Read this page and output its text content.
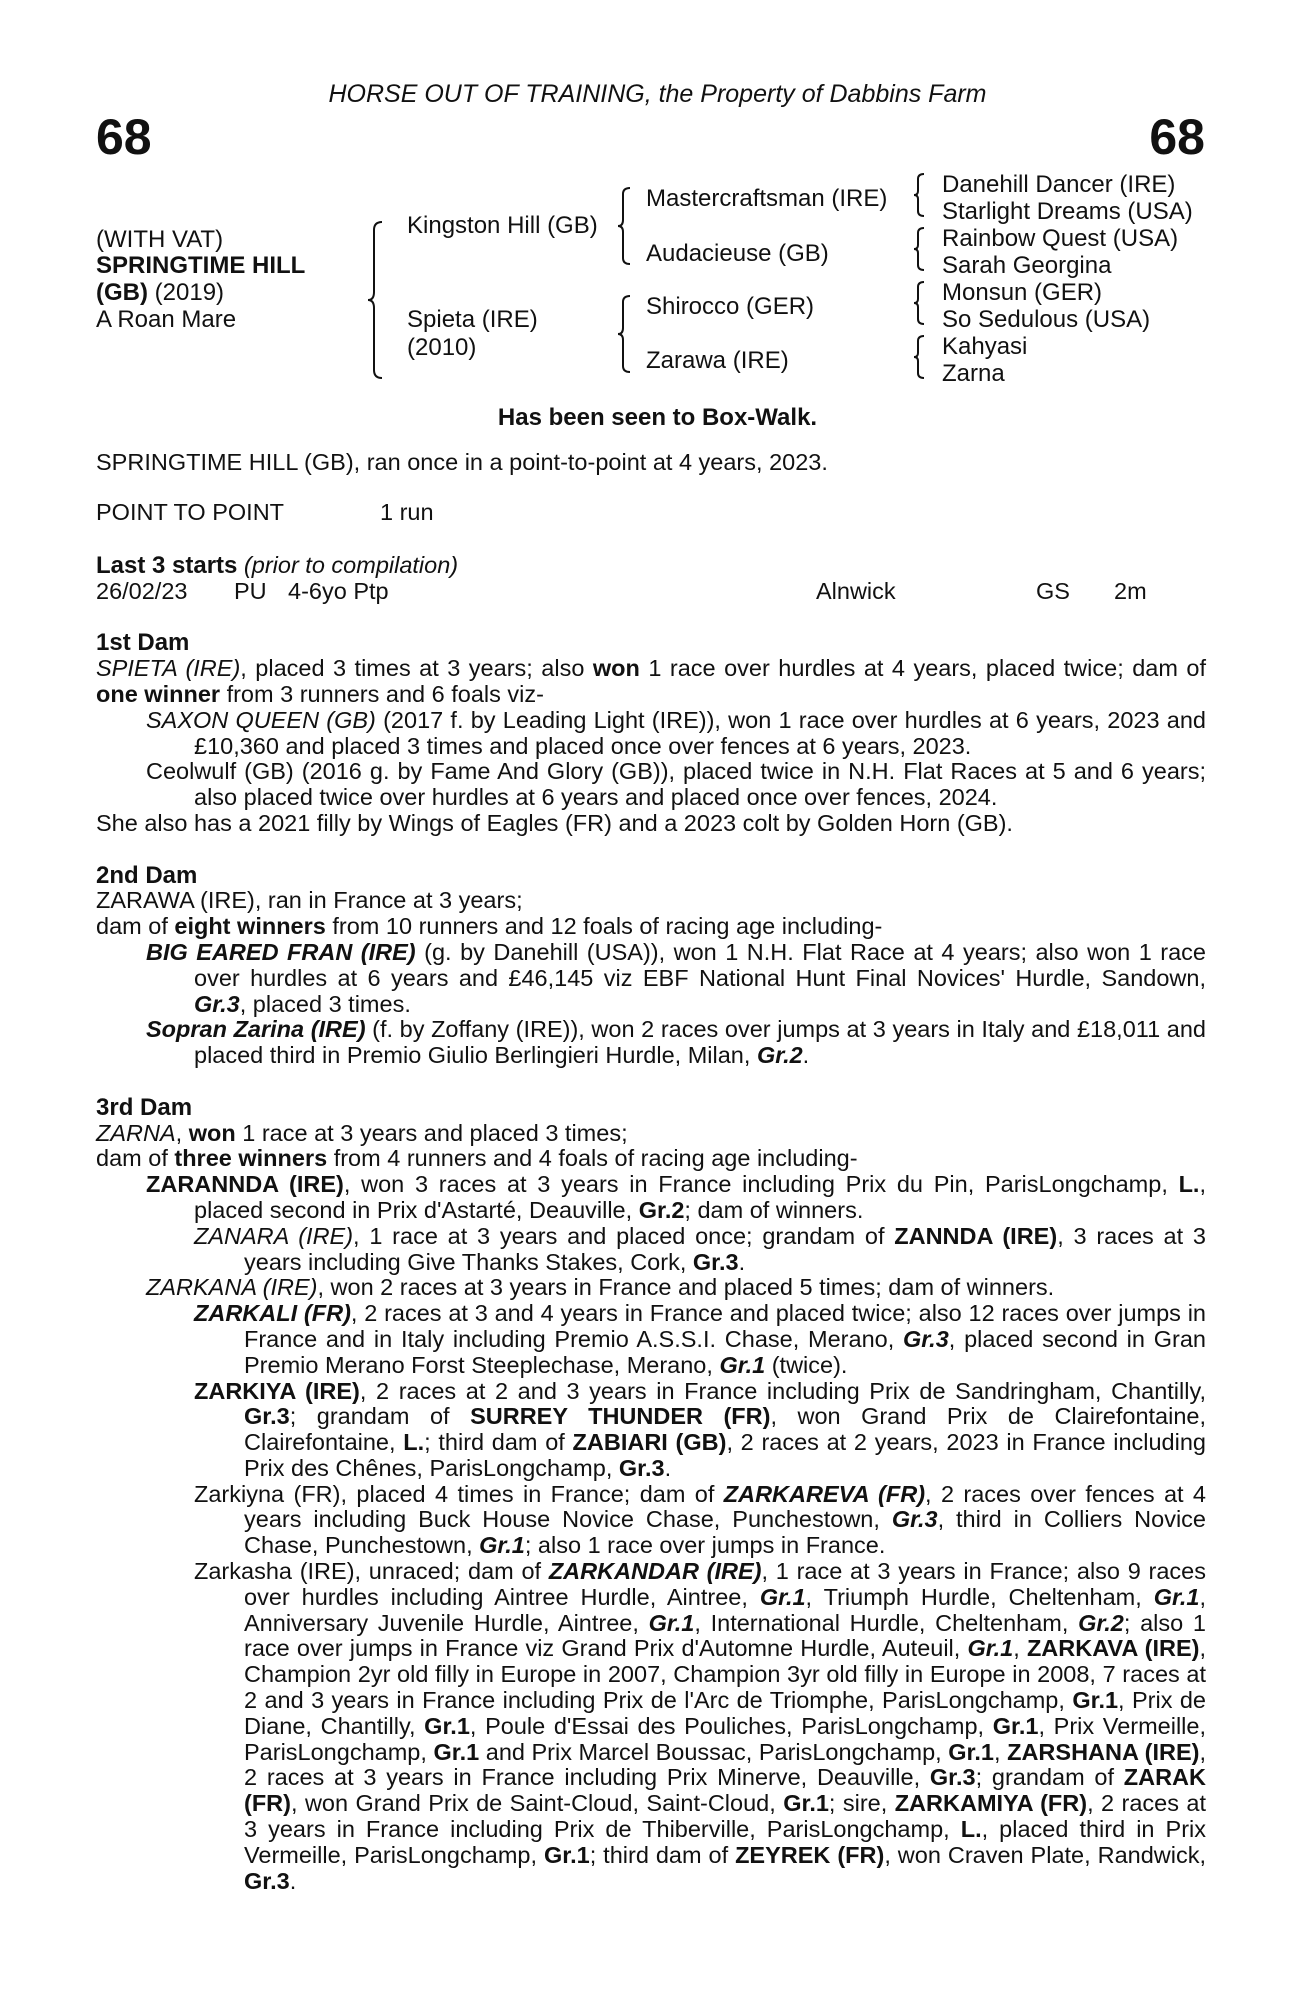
HORSE OUT OF TRAINING, the Property of Dabbins Farm
68	68
(WITH VAT)
SPRINGTIME HILL
(GB) (2019)
A Roan Mare
Kingston Hill (GB)
Spieta (IRE)
(2010)
Mastercraftsman (IRE)
Audacieuse (GB)
Shirocco (GER)
Zarawa (IRE)
Danehill Dancer (IRE)
Starlight Dreams (USA)
Rainbow Quest (USA)
Sarah Georgina
Monsun (GER)
So Sedulous (USA)
Kahyasi
Zarna
Has been seen to Box-Walk.

SPRINGTIME HILL (GB), ran once in a point-to-point at 4 years, 2023.

POINT TO POINT	1 run

Last 3 starts (prior to compilation)

26/02/23 PU 4-6yo Ptp	Alnwick	GS 2m

1st Dam

SPIETA (IRE), placed 3 times at 3 years; also won 1 race over hurdles at 4 years, placed twice; dam of one winner from 3 runners and 6 foals viz-

SAXON QUEEN (GB) (2017 f. by Leading Light (IRE)), won 1 race over hurdles at 6 years, 2023 and £10,360 and placed 3 times and placed once over fences at 6 years, 2023.

Ceolwulf (GB) (2016 g. by Fame And Glory (GB)), placed twice in N.H. Flat Races at 5 and 6 years; also placed twice over hurdles at 6 years and placed once over fences, 2024.

She also has a 2021 filly by Wings of Eagles (FR) and a 2023 colt by Golden Horn (GB).

2nd Dam

ZARAWA (IRE), ran in France at 3 years;

dam of eight winners from 10 runners and 12 foals of racing age including-

BIG EARED FRAN (IRE) (g. by Danehill (USA)), won 1 N.H. Flat Race at 4 years; also won 1 race over hurdles at 6 years and £46,145 viz EBF National Hunt Final Novices' Hurdle, Sandown, Gr.3, placed 3 times.

Sopran Zarina (IRE) (f. by Zoffany (IRE)), won 2 races over jumps at 3 years in Italy and £18,011 and placed third in Premio Giulio Berlingieri Hurdle, Milan, Gr.2.

3rd Dam

ZARNA, won 1 race at 3 years and placed 3 times;

dam of three winners from 4 runners and 4 foals of racing age including-

ZARANNDA (IRE), won 3 races at 3 years in France including Prix du Pin, ParisLongchamp, L., placed second in Prix d'Astarté, Deauville, Gr.2; dam of winners.

ZANARA (IRE), 1 race at 3 years and placed once; grandam of ZANNDA (IRE), 3 races at 3 years including Give Thanks Stakes, Cork, Gr.3.

ZARKANA (IRE), won 2 races at 3 years in France and placed 5 times; dam of winners.

ZARKALI (FR), 2 races at 3 and 4 years in France and placed twice; also 12 races over jumps in France and in Italy including Premio A.S.S.I. Chase, Merano, Gr.3, placed second in Gran Premio Merano Forst Steeplechase, Merano, Gr.1 (twice).

ZARKIYA (IRE), 2 races at 2 and 3 years in France including Prix de Sandringham, Chantilly, Gr.3; grandam of SURREY THUNDER (FR), won Grand Prix de Clairefontaine, Clairefontaine, L.; third dam of ZABIARI (GB), 2 races at 2 years, 2023 in France including Prix des Chênes, ParisLongchamp, Gr.3.

Zarkiyna (FR), placed 4 times in France; dam of ZARKAREVA (FR), 2 races over fences at 4 years including Buck House Novice Chase, Punchestown, Gr.3, third in Colliers Novice Chase, Punchestown, Gr.1; also 1 race over jumps in France.

Zarkasha (IRE), unraced; dam of ZARKANDAR (IRE), 1 race at 3 years in France; also 9 races over hurdles including Aintree Hurdle, Aintree, Gr.1, Triumph Hurdle, Cheltenham, Gr.1, Anniversary Juvenile Hurdle, Aintree, Gr.1, International Hurdle, Cheltenham, Gr.2; also 1 race over jumps in France viz Grand Prix d'Automne Hurdle, Auteuil, Gr.1, ZARKAVA (IRE), Champion 2yr old filly in Europe in 2007, Champion 3yr old filly in Europe in 2008, 7 races at 2 and 3 years in France including Prix de l'Arc de Triomphe, ParisLongchamp, Gr.1, Prix de Diane, Chantilly, Gr.1, Poule d'Essai des Pouliches, ParisLongchamp, Gr.1, Prix Vermeille, ParisLongchamp, Gr.1 and Prix Marcel Boussac, ParisLongchamp, Gr.1, ZARSHANA (IRE), 2 races at 3 years in France including Prix Minerve, Deauville, Gr.3; grandam of ZARAK (FR), won Grand Prix de Saint-Cloud, Saint-Cloud, Gr.1; sire, ZARKAMIYA (FR), 2 races at 3 years in France including Prix de Thiberville, ParisLongchamp, L., placed third in Prix Vermeille, ParisLongchamp, Gr.1; third dam of ZEYREK (FR), won Craven Plate, Randwick, Gr.3.
